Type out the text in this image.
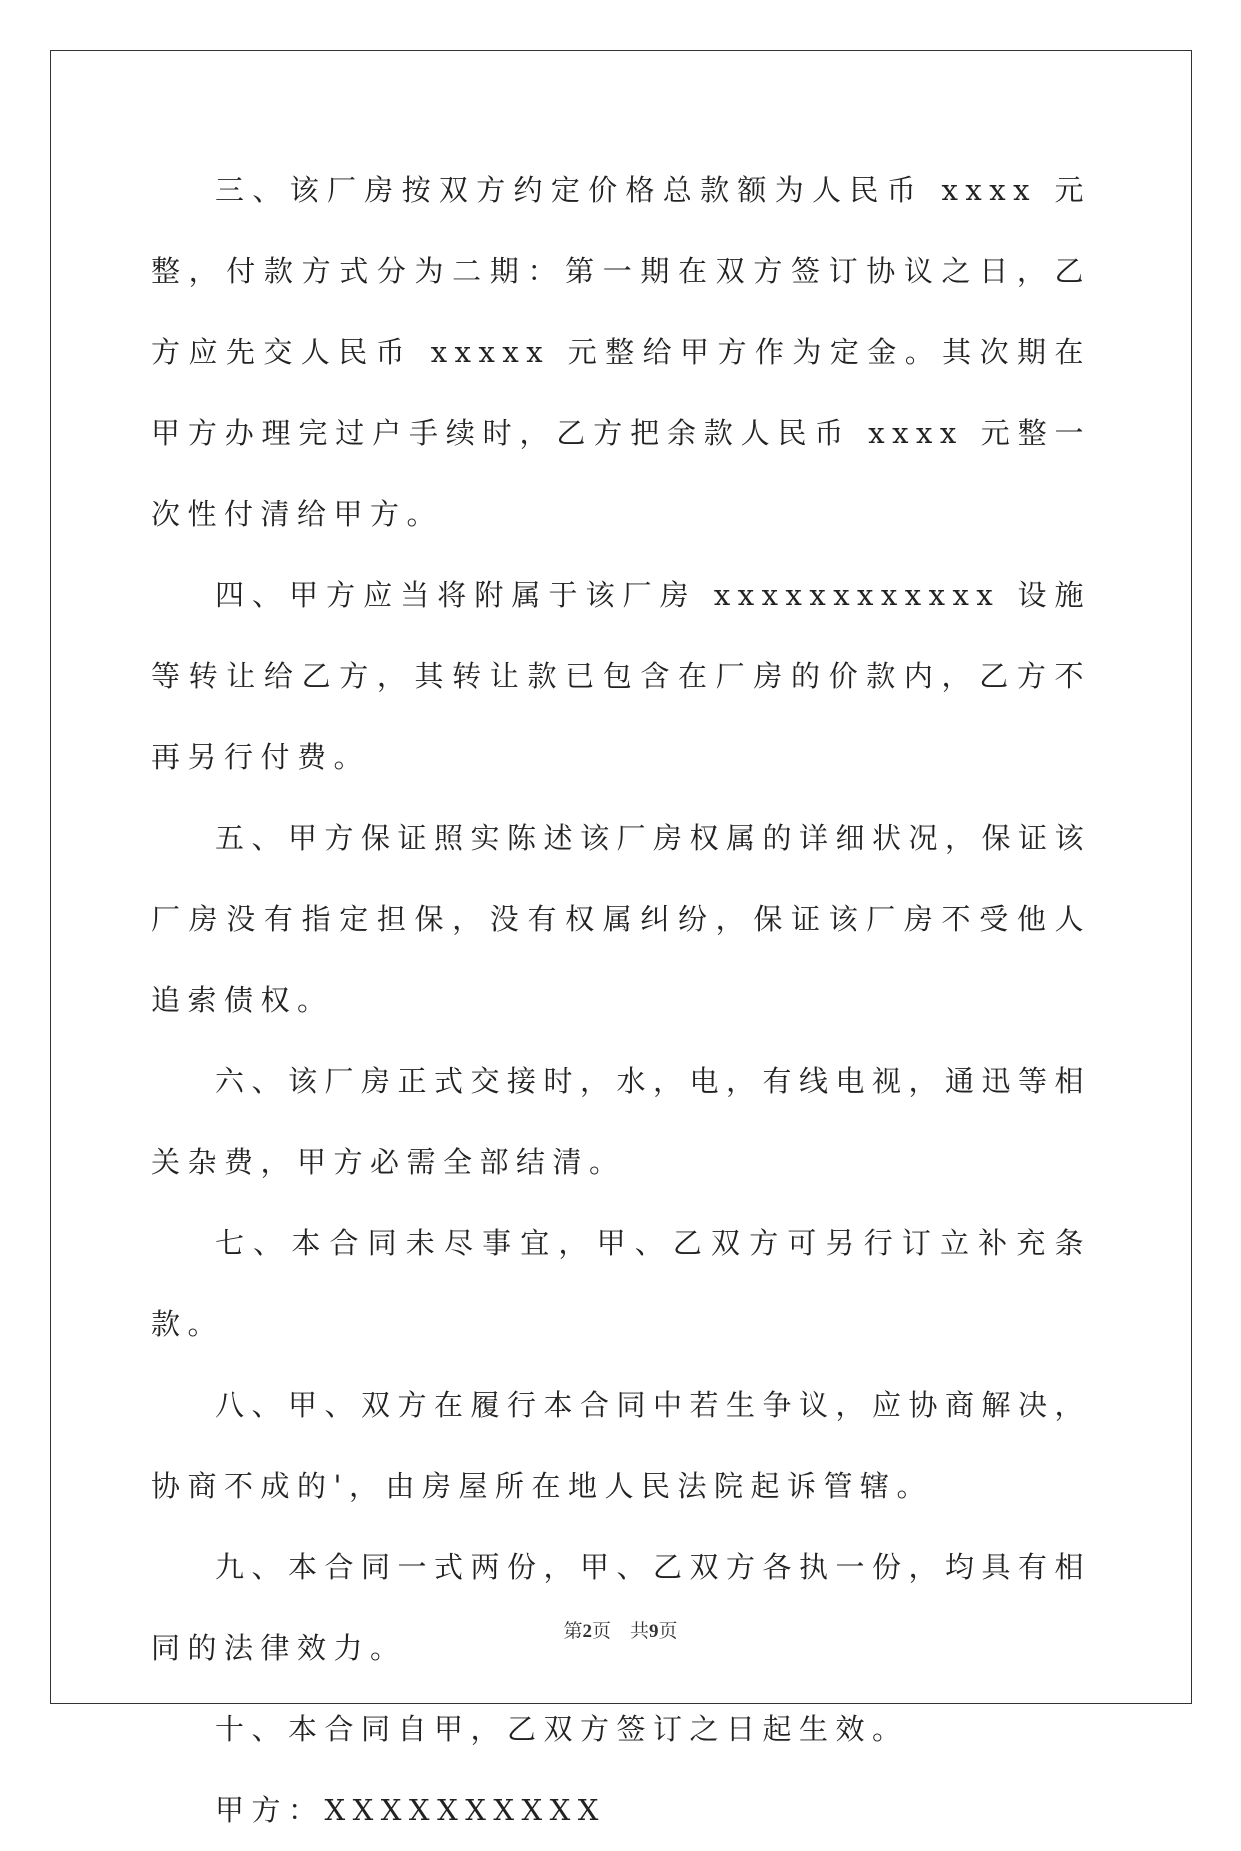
三、该厂房按双方约定价格总款额为人民币 xxxx 元整，付款方式分为二期：第一期在双方签订协议之日，乙方应先交人民币 xxxxx 元整给甲方作为定金。其次期在甲方办理完过户手续时，乙方把余款人民币 xxxx 元整一次性付清给甲方。

四、甲方应当将附属于该厂房 xxxxxxxxxxxx 设施等转让给乙方，其转让款已包含在厂房的价款内，乙方不再另行付费。

五、甲方保证照实陈述该厂房权属的详细状况，保证该厂房没有指定担保，没有权属纠纷，保证该厂房不受他人追索债权。

六、该厂房正式交接时，水，电，有线电视，通迅等相关杂费，甲方必需全部结清。

七、本合同未尽事宜，甲、乙双方可另行订立补充条款。

八、甲、双方在履行本合同中若生争议，应协商解决，协商不成的'，由房屋所在地人民法院起诉管辖。

九、本合同一式两份，甲、乙双方各执一份，均具有相同的法律效力。

十、本合同自甲，乙双方签订之日起生效。

甲方：XXXXXXXXXX

第2页　共9页
